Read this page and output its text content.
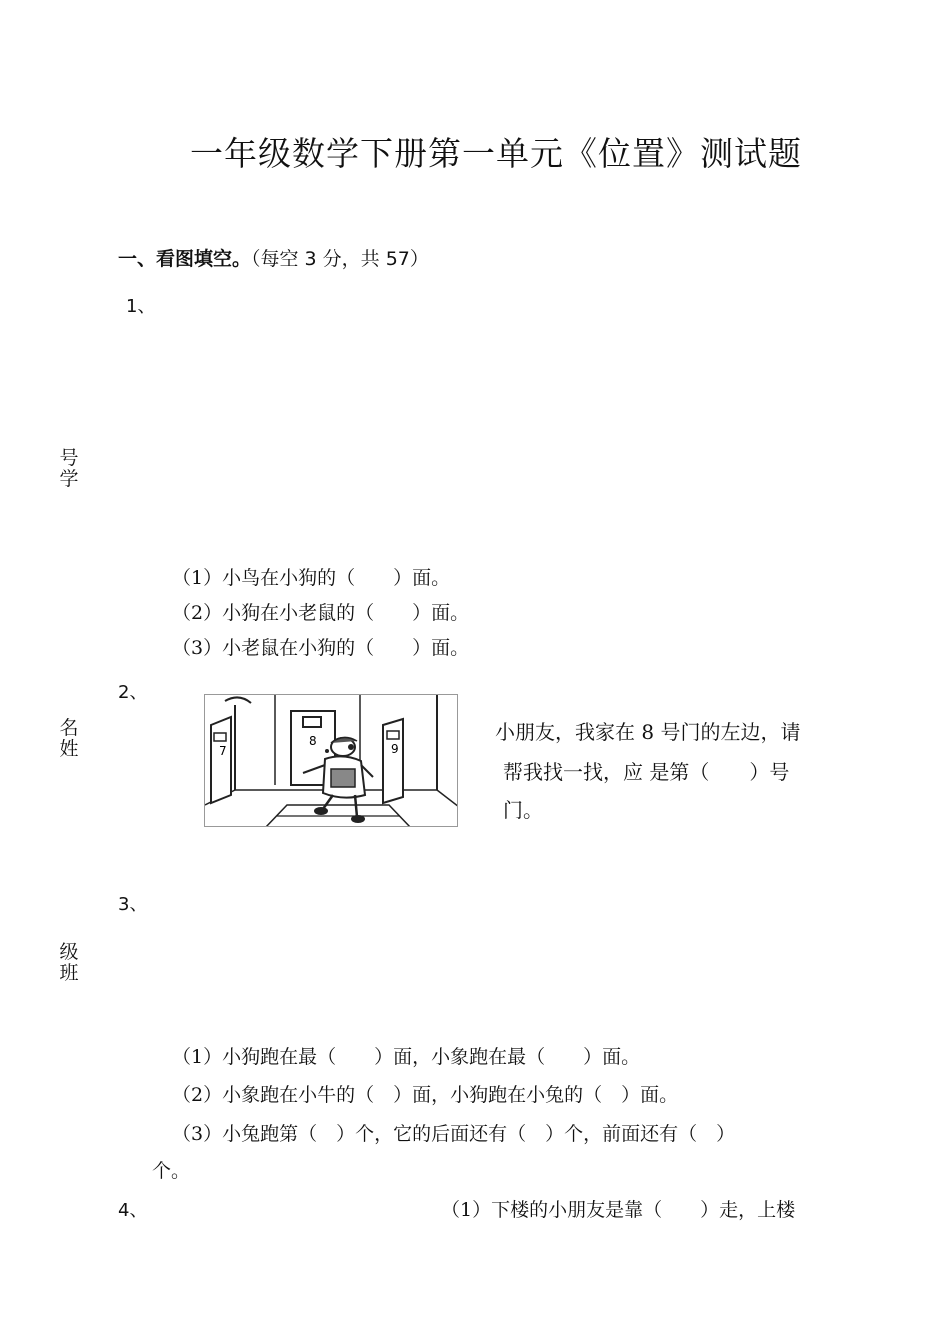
一年级数学下册第一单元《位置》测试题
一、看图填空。（每空 3 分，共 57）
号学
名姓
级班
1、
（1）小鸟在小狗的（　　）面。
（2）小狗在小老鼠的（　　）面。
（3）小老鼠在小狗的（　　）面。
2、
7
8
9
小朋友，我家在 8 号门的左边，请
帮我找一找，应 是第（　　）号
门。
3、
（1）小狗跑在最（　　）面，小象跑在最（　　）面。
（2）小象跑在小牛的（　）面，小狗跑在小兔的（　）面。
（3）小兔跑第（　）个，它的后面还有（　）个，前面还有（　）
个。
4、	（1）下楼的小朋友是靠（　　）走，上楼
